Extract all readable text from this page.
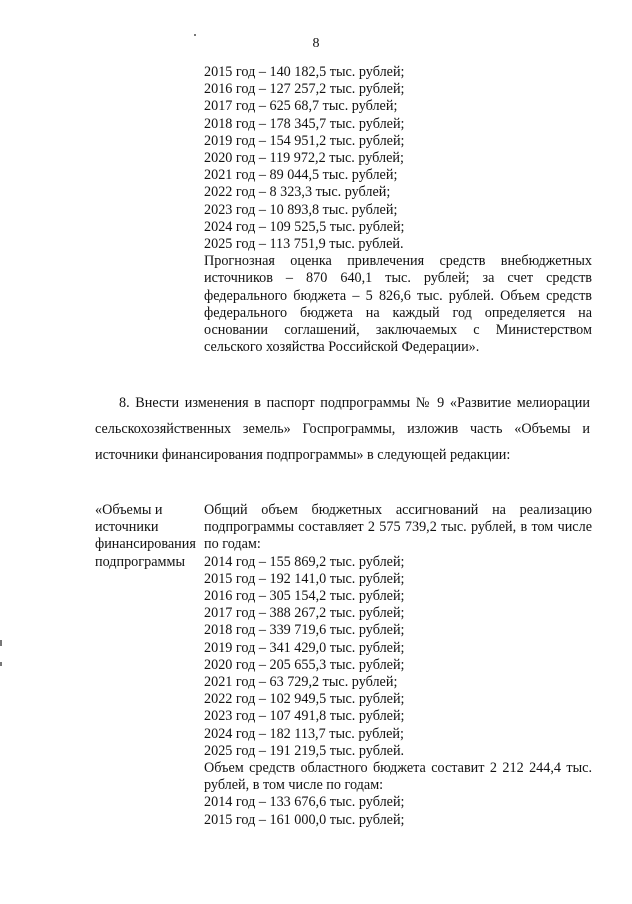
8
2015 год – 140 182,5 тыс. рублей;
2016 год – 127 257,2 тыс. рублей;
2017 год – 625 68,7 тыс. рублей;
2018 год – 178 345,7 тыс. рублей;
2019 год – 154 951,2 тыс. рублей;
2020 год – 119 972,2 тыс. рублей;
2021 год – 89 044,5 тыс. рублей;
2022 год – 8 323,3 тыс. рублей;
2023 год – 10 893,8 тыс. рублей;
2024 год – 109 525,5 тыс. рублей;
2025 год – 113 751,9 тыс. рублей.
Прогнозная оценка привлечения средств внебюджетных источников – 870 640,1 тыс. рублей; за счет средств федерального бюджета – 5 826,6 тыс. рублей. Объем средств федерального бюджета на каждый год определяется на основании соглашений, заключаемых с Министерством сельского хозяйства Российской Федерации».
8. Внести изменения в паспорт подпрограммы № 9 «Развитие мелиорации сельскохозяйственных земель» Госпрограммы, изложив часть «Объемы и источники финансирования подпрограммы» в следующей редакции:
«Объемы и
источники
финансирования
подпрограммы
Общий объем бюджетных ассигнований на реализацию подпрограммы составляет 2 575 739,2 тыс. рублей, в том числе по годам:
2014 год – 155 869,2 тыс. рублей;
2015 год – 192 141,0 тыс. рублей;
2016 год – 305 154,2 тыс. рублей;
2017 год – 388 267,2 тыс. рублей;
2018 год – 339 719,6 тыс. рублей;
2019 год – 341 429,0 тыс. рублей;
2020 год – 205 655,3 тыс. рублей;
2021 год – 63 729,2 тыс. рублей;
2022 год – 102 949,5 тыс. рублей;
2023 год – 107 491,8 тыс. рублей;
2024 год – 182 113,7 тыс. рублей;
2025 год – 191 219,5 тыс. рублей.
Объем средств областного бюджета составит 2 212 244,4 тыс. рублей, в том числе по годам:
2014 год – 133 676,6 тыс. рублей;
2015 год – 161 000,0 тыс. рублей;
